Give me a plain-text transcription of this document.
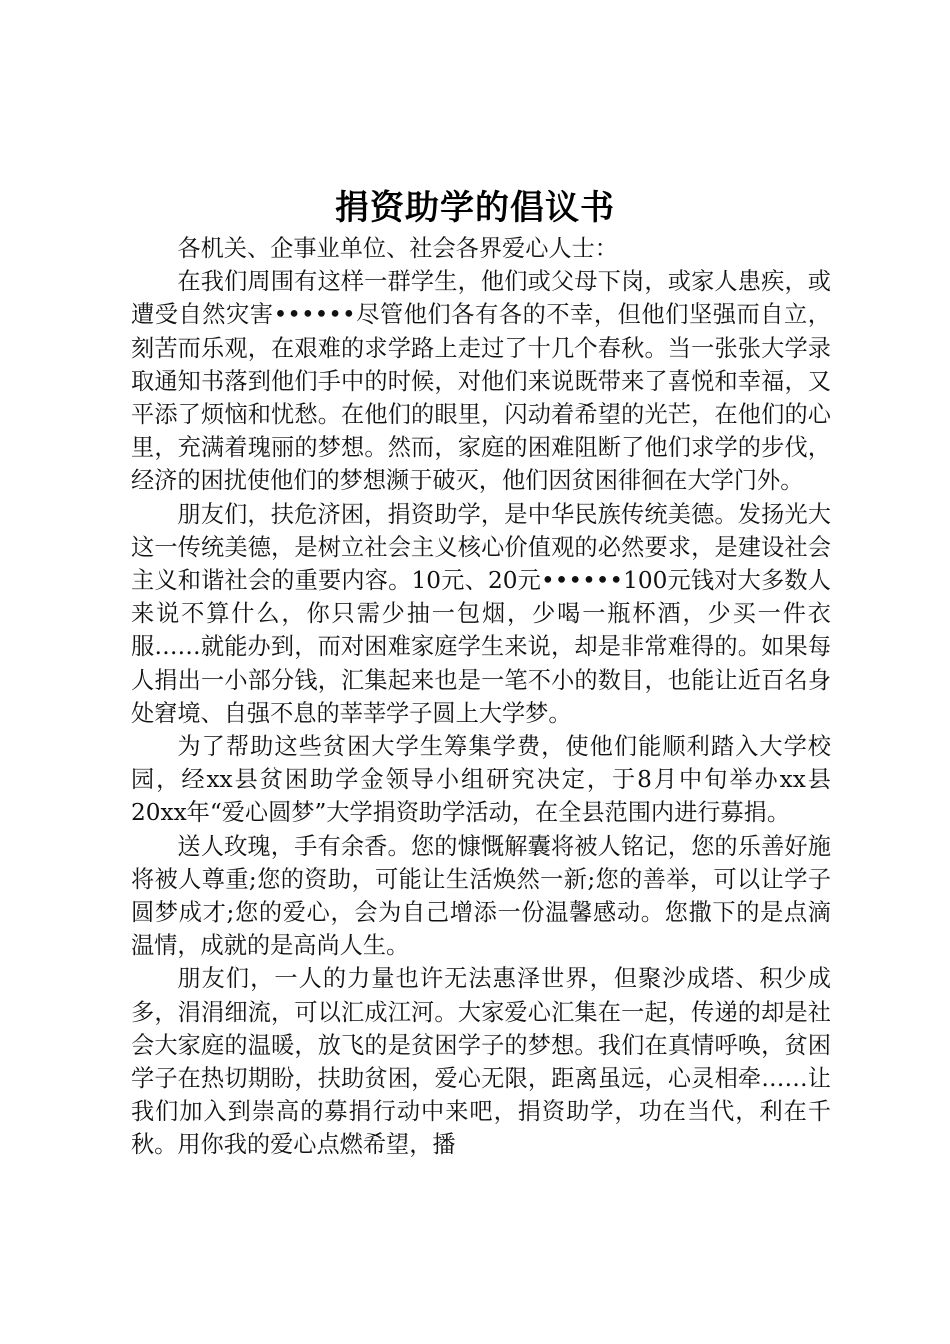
捐资助学的倡议书

各机关、企事业单位、社会各界爱心人士：

在我们周围有这样一群学生，他们或父母下岗，或家人患疾，或遭受自然灾害••••••尽管他们各有各的不幸，但他们坚强而自立，刻苦而乐观，在艰难的求学路上走过了十几个春秋。当一张张大学录取通知书落到他们手中的时候，对他们来说既带来了喜悦和幸福，又平添了烦恼和忧愁。在他们的眼里，闪动着希望的光芒，在他们的心里，充满着瑰丽的梦想。然而，家庭的困难阻断了他们求学的步伐，经济的困扰使他们的梦想濒于破灭，他们因贫困徘徊在大学门外。

朋友们，扶危济困，捐资助学，是中华民族传统美德。发扬光大这一传统美德，是树立社会主义核心价值观的必然要求，是建设社会主义和谐社会的重要内容。10元、20元••••••100元钱对大多数人来说不算什么，你只需少抽一包烟，少喝一瓶杯酒，少买一件衣服……就能办到，而对困难家庭学生来说，却是非常难得的。如果每人捐出一小部分钱，汇集起来也是一笔不小的数目，也能让近百名身处窘境、自强不息的莘莘学子圆上大学梦。

为了帮助这些贫困大学生筹集学费，使他们能顺利踏入大学校园，经xx县贫困助学金领导小组研究决定，于8月中旬举办xx县20xx年“爱心圆梦”大学捐资助学活动，在全县范围内进行募捐。

送人玫瑰，手有余香。您的慷慨解囊将被人铭记，您的乐善好施将被人尊重;您的资助，可能让生活焕然一新;您的善举，可以让学子圆梦成才;您的爱心，会为自己增添一份温馨感动。您撒下的是点滴温情，成就的是高尚人生。

朋友们，一人的力量也许无法惠泽世界，但聚沙成塔、积少成多，涓涓细流，可以汇成江河。大家爱心汇集在一起，传递的却是社会大家庭的温暖，放飞的是贫困学子的梦想。我们在真情呼唤，贫困学子在热切期盼，扶助贫困，爱心无限，距离虽远，心灵相牵……让我们加入到崇高的募捐行动中来吧，捐资助学，功在当代，利在千秋。用你我的爱心点燃希望，播
